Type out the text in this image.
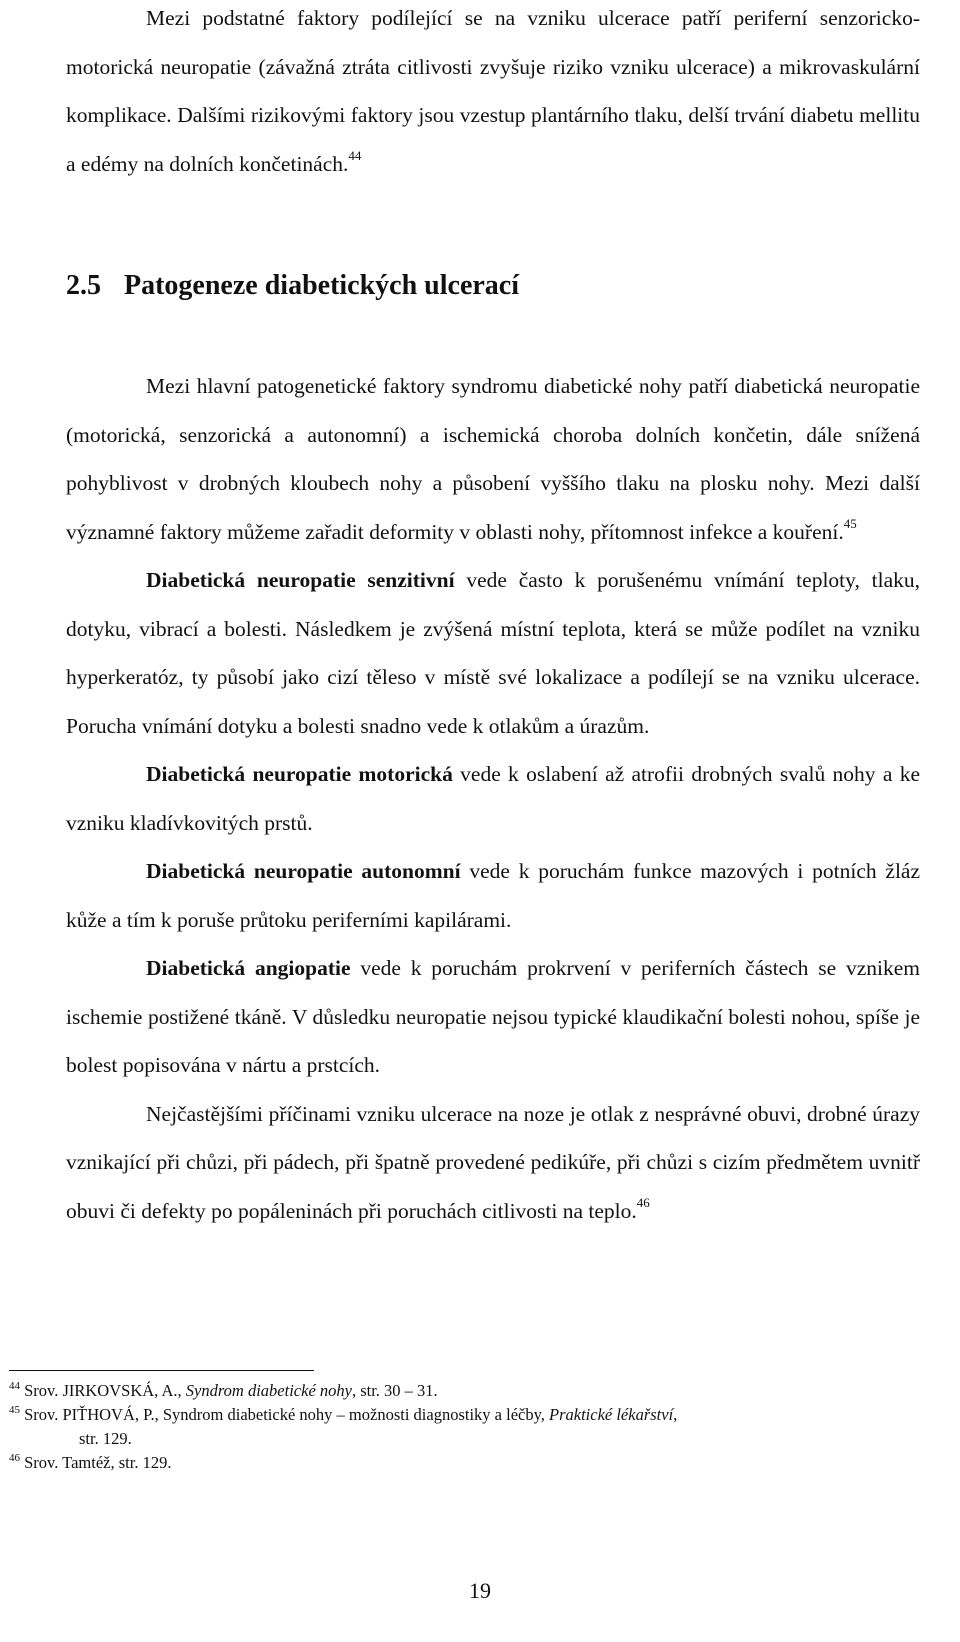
Mezi podstatné faktory podílející se na vzniku ulcerace patří periferní senzoricko-motorická neuropatie (závažná ztráta citlivosti zvyšuje riziko vzniku ulcerace) a mikrovaskulární komplikace. Dalšími rizikovými faktory jsou vzestup plantárního tlaku, delší trvání diabetu mellitu a edémy na dolních končetinách.$^{44}$

2.5 Patogeneze diabetických ulcerací

Mezi hlavní patogenetické faktory syndromu diabetické nohy patří diabetická neuropatie (motorická, senzorická a autonomní) a ischemická choroba dolních končetin, dále snížená pohyblivost v drobných kloubech nohy a působení vyššího tlaku na plosku nohy. Mezi další významné faktory můžeme zařadit deformity v oblasti nohy, přítomnost infekce a kouření.$^{45}$

Diabetická neuropatie senzitivní vede často k porušenému vnímání teploty, tlaku, dotyku, vibrací a bolesti. Následkem je zvýšená místní teplota, která se může podílet na vzniku hyperkeratóz, ty působí jako cizí těleso v místě své lokalizace a podílejí se na vzniku ulcerace. Porucha vnímání dotyku a bolesti snadno vede k otlakům a úrazům.

Diabetická neuropatie motorická vede k oslabení až atrofii drobných svalů nohy a ke vzniku kladívkovitých prstů.

Diabetická neuropatie autonomní vede k poruchám funkce mazových i potních žláz kůže a tím k poruše průtoku periferními kapilárami.

Diabetická angiopatie vede k poruchám prokrvení v periferních částech se vznikem ischemie postižené tkáně. V důsledku neuropatie nejsou typické klaudikační bolesti nohou, spíše je bolest popisována v nártu a prstcích.

Nejčastějšími příčinami vzniku ulcerace na noze je otlak z nesprávné obuvi, drobné úrazy vznikající při chůzi, při pádech, při špatně provedené pedikúře, při chůzi s cizím předmětem uvnitř obuvi či defekty po popáleninách při poruchách citlivosti na teplo.$^{46}$

$^{44}$ Srov. JIRKOVSKÁ, A., Syndrom diabetické nohy, str. 30 – 31.

$^{45}$ Srov. PIŤHOVÁ, P., Syndrom diabetické nohy – možnosti diagnostiky a léčby, Praktické lékařství,

str. 129.

$^{46}$ Srov. Tamtéž, str. 129.

19
